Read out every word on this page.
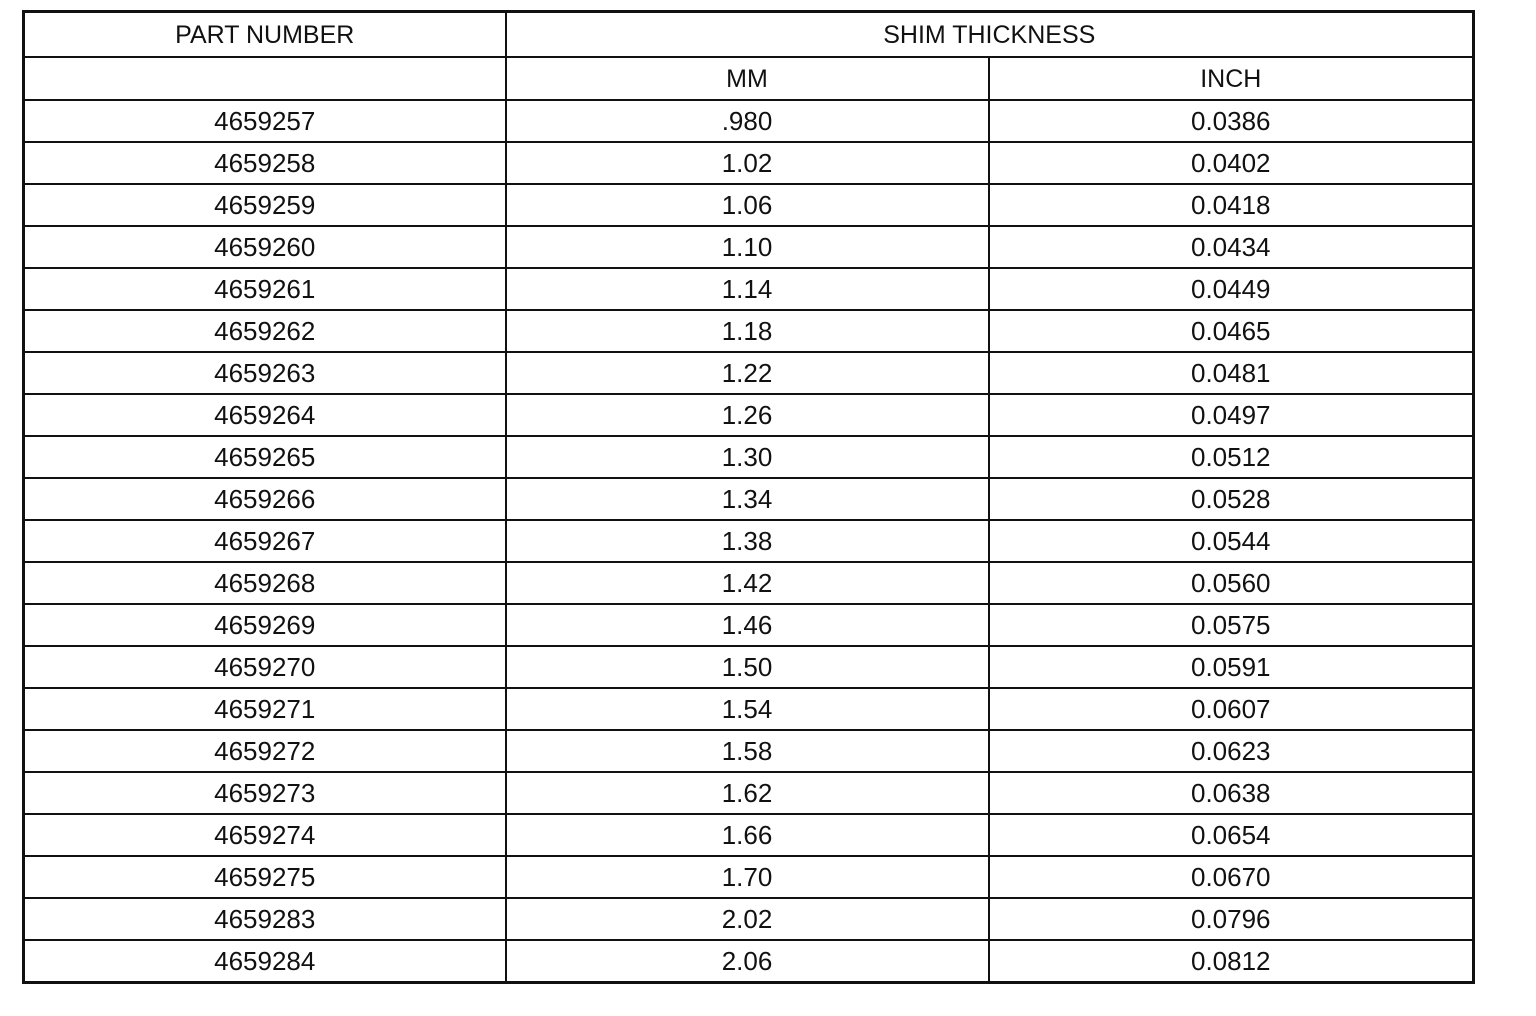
PART NUMBER	SHIM THICKNESS	
	MM	INCH
4659257	.980	0.0386
4659258	1.02	0.0402
4659259	1.06	0.0418
4659260	1.10	0.0434
4659261	1.14	0.0449
4659262	1.18	0.0465
4659263	1.22	0.0481
4659264	1.26	0.0497
4659265	1.30	0.0512
4659266	1.34	0.0528
4659267	1.38	0.0544
4659268	1.42	0.0560
4659269	1.46	0.0575
4659270	1.50	0.0591
4659271	1.54	0.0607
4659272	1.58	0.0623
4659273	1.62	0.0638
4659274	1.66	0.0654
4659275	1.70	0.0670
4659283	2.02	0.0796
4659284	2.06	0.0812
